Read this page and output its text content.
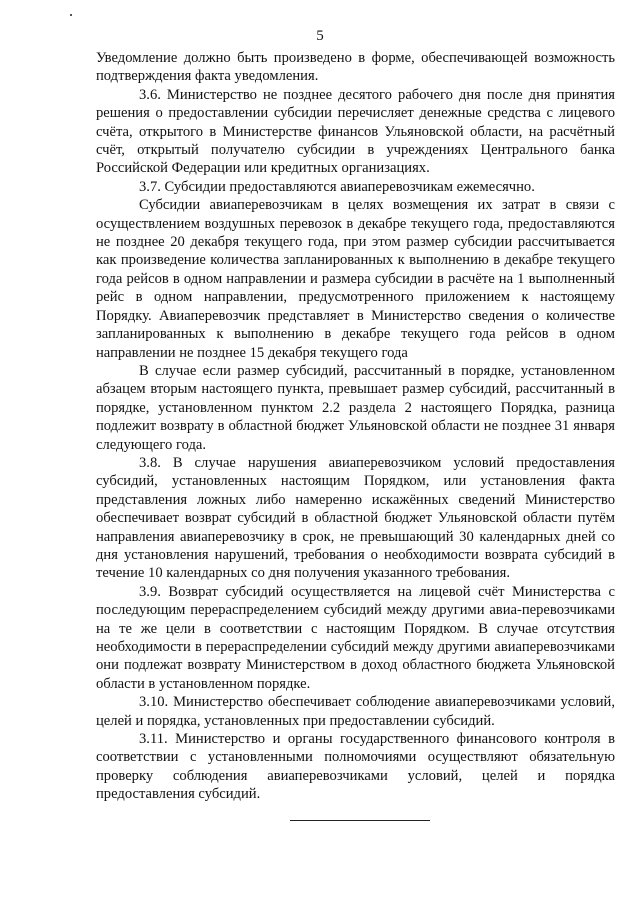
5

Уведомление должно быть произведено в форме, обеспечивающей возможность подтверждения факта уведомления.

3.6. Министерство не позднее десятого рабочего дня после дня принятия решения о предоставлении субсидии перечисляет денежные средства с лицевого счёта, открытого в Министерстве финансов Ульяновской области, на расчётный счёт, открытый получателю субсидии в учреждениях Центрального банка Российской Федерации или кредитных организациях.

3.7. Субсидии предоставляются авиаперевозчикам ежемесячно.

Субсидии авиаперевозчикам в целях возмещения их затрат в связи с осуществлением воздушных перевозок в декабре текущего года, предоставляются не позднее 20 декабря текущего года, при этом размер субсидии рассчитывается как произведение количества запланированных к выполнению в декабре текущего года рейсов в одном направлении и размера субсидии в расчёте на 1 выполненный рейс в одном направлении, предусмотренного приложением к настоящему Порядку. Авиаперевозчик представляет в Министерство сведения о количестве запланированных к выполнению в декабре текущего года рейсов в одном направлении не позднее 15 декабря текущего года

В случае если размер субсидий, рассчитанный в порядке, установленном абзацем вторым настоящего пункта, превышает размер субсидий, рассчитанный в порядке, установленном пунктом 2.2 раздела 2 настоящего Порядка, разница подлежит возврату в областной бюджет Ульяновской области не позднее 31 января следующего года.

3.8. В случае нарушения авиаперевозчиком условий предоставления субсидий, установленных настоящим Порядком, или установления факта представления ложных либо намеренно искажённых сведений Министерство обеспечивает возврат субсидий в областной бюджет Ульяновской области путём направления авиаперевозчику в срок, не превышающий 30 календарных дней со дня установления нарушений, требования о необходимости возврата субсидий в течение 10 календарных со дня получения указанного требования.

3.9. Возврат субсидий осуществляется на лицевой счёт Министерства с последующим перераспределением субсидий между другими авиа-перевозчиками на те же цели в соответствии с настоящим Порядком. В случае отсутствия необходимости в перераспределении субсидий между другими авиаперевозчиками они подлежат возврату Министерством в доход областного бюджета Ульяновской области в установленном порядке.

3.10. Министерство обеспечивает соблюдение авиаперевозчиками условий, целей и порядка, установленных при предоставлении субсидий.

3.11. Министерство и органы государственного финансового контроля в соответствии с установленными полномочиями осуществляют обязательную проверку соблюдения авиаперевозчиками условий, целей и порядка предоставления субсидий.
